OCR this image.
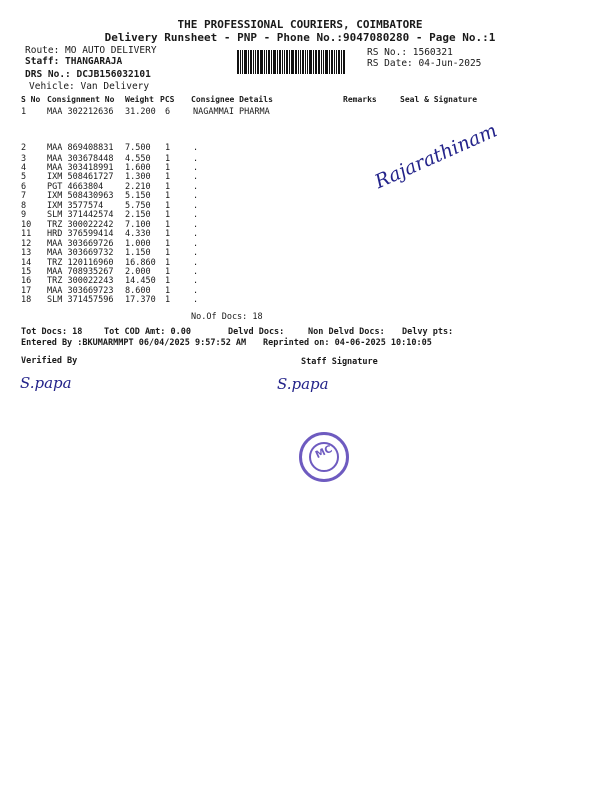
THE PROFESSIONAL COURIERS, COIMBATORE
Delivery Runsheet - PNP - Phone No.:9047080280 - Page No.:1
Route: MO AUTO DELIVERY
Staff: THANGARAJA
DRS No.: DCJB156032101
Vehicle: Van Delivery
RS No.: 1560321
RS Date: 04-Jun-2025
S No Consignment No Weight PCS Consignee Details	Remarks	Seal & Signature
1 MAA 302212636 31.200 6	NAGAMMAI PHARMA
2 MAA 869408831 7.500 1	.
3 MAA 303678448 4.550 1	.
4 MAA 303418991 1.600 1	.
5 IXM 508461727 1.300 1	.
6 PGT 4663804	2.210 1	.
7 IXM 508430963 5.150 1	.
8 IXM 3577574	5.750 1	.
9 SLM 371442574 2.150 1	.
10 TRZ 300022242 7.100 1	.
11 HRD 376599414 4.330 1	.
12 MAA 303669726 1.000 1	.
13 MAA 303669732 1.150 1	.
14 TRZ 120116960 16.860 1	.
15 MAA 708935267 2.000 1	.
16 TRZ 300022243 14.450 1	.
17 MAA 303669723 8.600 1	.
18 SLM 371457596 17.370 1	.
Rajarathinam
No.Of Docs: 18
Tot Docs: 18	Tot COD Amt: 0.00	Delvd Docs:	Non Delvd Docs: Delvy pts:
Entered By :BKUMARMMPT 06/04/2025 9:57:52 AM Reprinted on: 04-06-2025 10:10:05
Verified By	Staff Signature
S.papa	S.papa
MC
